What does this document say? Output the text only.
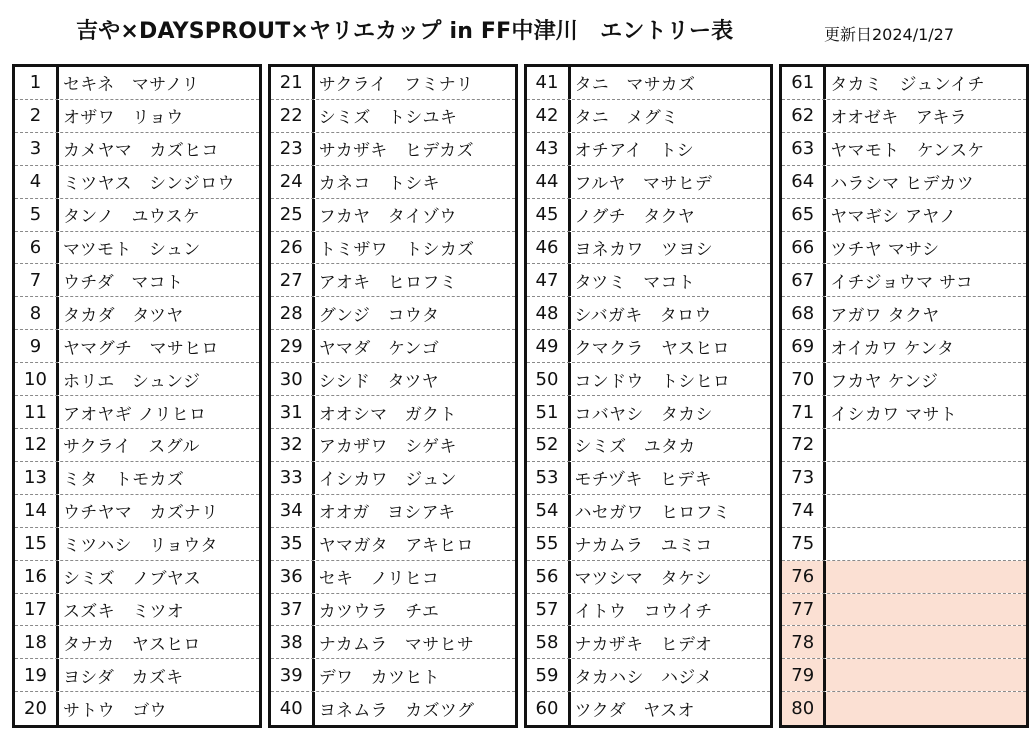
吉や×DAYSPROUT×ヤリエカップ in FF中津川　エントリー表	更新日2024/1/27
1	セキネ　マサノリ
2	オザワ　リョウ
3	カメヤマ　カズヒコ
4	ミツヤス　シンジロウ
5	タンノ　ユウスケ
6	マツモト　シュン
7	ウチダ　マコト
8	タカダ　タツヤ
9	ヤマグチ　マサヒロ
10 ホリエ　シュンジ
11 アオヤギ ノリヒロ
12 サクライ　スグル
13 ミタ　トモカズ
14 ウチヤマ　カズナリ
15 ミツハシ　リョウタ
16 シミズ　ノブヤス
17 スズキ　ミツオ
18 タナカ　ヤスヒロ
19 ヨシダ　カズキ
20 サトウ　ゴウ
21 サクライ　フミナリ
22 シミズ　トシユキ
23 サカザキ　ヒデカズ
24 カネコ　トシキ
25 フカヤ　タイゾウ
26 トミザワ　トシカズ
27 アオキ　ヒロフミ
28 グンジ　コウタ
29 ヤマダ　ケンゴ
30 シシド　タツヤ
31 オオシマ　ガクト
32 アカザワ　シゲキ
33 イシカワ　ジュン
34 オオガ　ヨシアキ
35 ヤマガタ　アキヒロ
36 セキ　ノリヒコ
37 カツウラ　チエ
38 ナカムラ　マサヒサ
39 デワ　カツヒト
40 ヨネムラ　カズツグ
41 タニ　マサカズ
42 タニ　メグミ
43 オチアイ　トシ
44 フルヤ　マサヒデ
45 ノグチ　タクヤ
46 ヨネカワ　ツヨシ
47 タツミ　マコト
48 シバガキ　タロウ
49 クマクラ　ヤスヒロ
50 コンドウ　トシヒロ
51 コバヤシ　タカシ
52 シミズ　ユタカ
53 モチヅキ　ヒデキ
54 ハセガワ　ヒロフミ
55 ナカムラ　ユミコ
56 マツシマ　タケシ
57 イトウ　コウイチ
58 ナカザキ　ヒデオ
59 タカハシ　ハジメ
60 ツクダ　ヤスオ
61 タカミ　ジュンイチ
62 オオゼキ　アキラ
63 ヤマモト　ケンスケ
64 ハラシマ ヒデカツ
65 ヤマギシ アヤノ
66 ツチヤ マサシ
67 イチジョウマ サコ
68 アガワ タクヤ
69 オイカワ ケンタ
70 フカヤ ケンジ
71 イシカワ マサト
72
73
74
75
76
77
78
79
80
